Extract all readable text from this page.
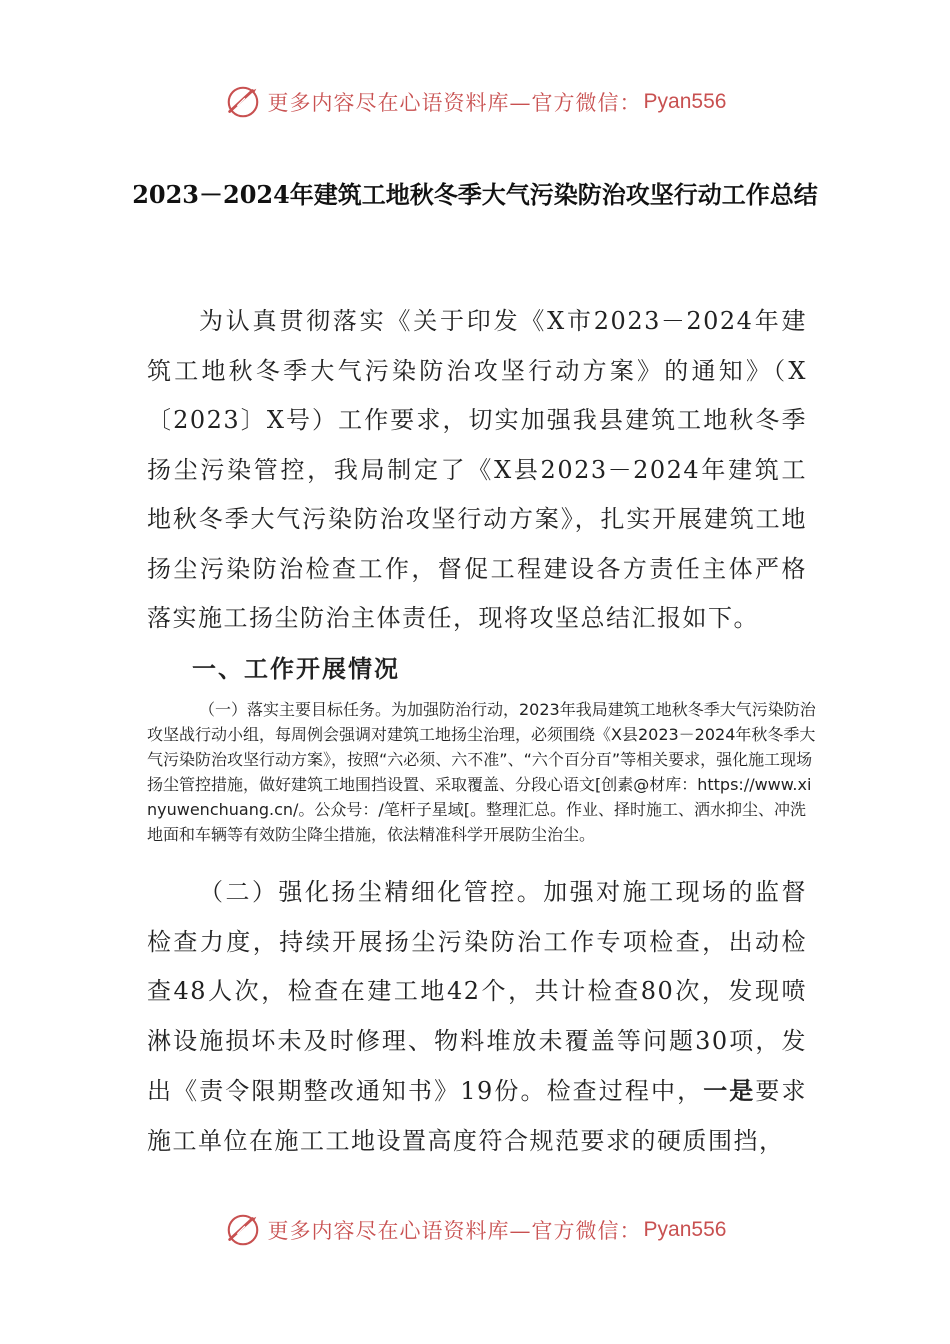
更多内容尽在心语资料库—官方微信： Pyan556
2023－2024年建筑工地秋冬季大气污染防治攻坚行动工作总结

为认真贯彻落实《关于印发《X市2023－2024年建筑工地秋冬季大气污染防治攻坚行动方案》的通知》（X〔2023〕X号）工作要求，切实加强我县建筑工地秋冬季扬尘污染管控，我局制定了《X县2023－2024年建筑工地秋冬季大气污染防治攻坚行动方案》，扎实开展建筑工地扬尘污染防治检查工作，督促工程建设各方责任主体严格落实施工扬尘防治主体责任，现将攻坚总结汇报如下。

一、工作开展情况

（一）落实主要目标任务。为加强防治行动，2023年我局建筑工地秋冬季大气污染防治攻坚战行动小组，每周例会强调对建筑工地扬尘治理，必须围绕《X县2023－2024年秋冬季大气污染防治攻坚行动方案》，按照“六必须、六不准”、“六个百分百”等相关要求，强化施工现场扬尘管控措施，做好建筑工地围挡设置、采取覆盖、分段心语文[创素@材库：https://www.xinyuwenchuang.cn/。公众号：/笔杆子星域[。整理汇总。作业、择时施工、洒水抑尘、冲洗地面和车辆等有效防尘降尘措施，依法精准科学开展防尘治尘。

（二）强化扬尘精细化管控。加强对施工现场的监督检查力度，持续开展扬尘污染防治工作专项检查，出动检查48人次，检查在建工地42个，共计检查80次，发现喷淋设施损坏未及时修理、物料堆放未覆盖等问题30项，发出《责令限期整改通知书》19份。检查过程中，一是要求施工单位在施工工地设置高度符合规范要求的硬质围挡，

更多内容尽在心语资料库—官方微信： Pyan556
